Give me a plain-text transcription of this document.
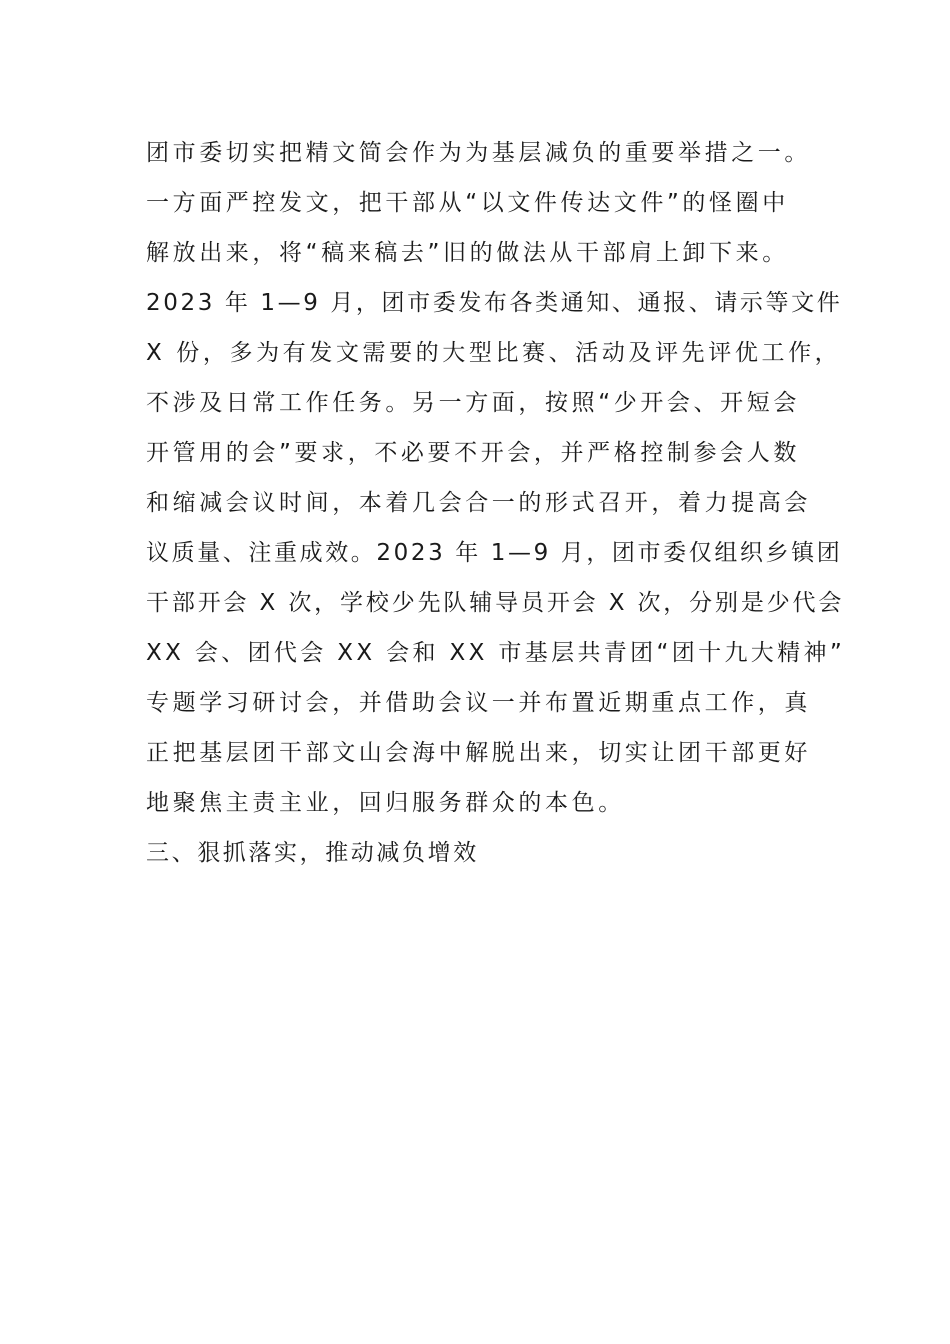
团市委切实把精文简会作为为基层减负的重要举措之一。
一方面严控发文，把干部从“以文件传达文件”的怪圈中
解放出来，将“稿来稿去”旧的做法从干部肩上卸下来。
2023 年 1—9 月，团市委发布各类通知、通报、请示等文件
X 份，多为有发文需要的大型比赛、活动及评先评优工作，
不涉及日常工作任务。另一方面，按照“少开会、开短会
开管用的会”要求，不必要不开会，并严格控制参会人数
和缩减会议时间，本着几会合一的形式召开，着力提高会
议质量、注重成效。2023 年 1—9 月，团市委仅组织乡镇团
干部开会 X 次，学校少先队辅导员开会 X 次，分别是少代会
XX 会、团代会 XX 会和 XX 市基层共青团“团十九大精神”
专题学习研讨会，并借助会议一并布置近期重点工作，真
正把基层团干部文山会海中解脱出来，切实让团干部更好
地聚焦主责主业，回归服务群众的本色。
三、狠抓落实，推动减负增效
